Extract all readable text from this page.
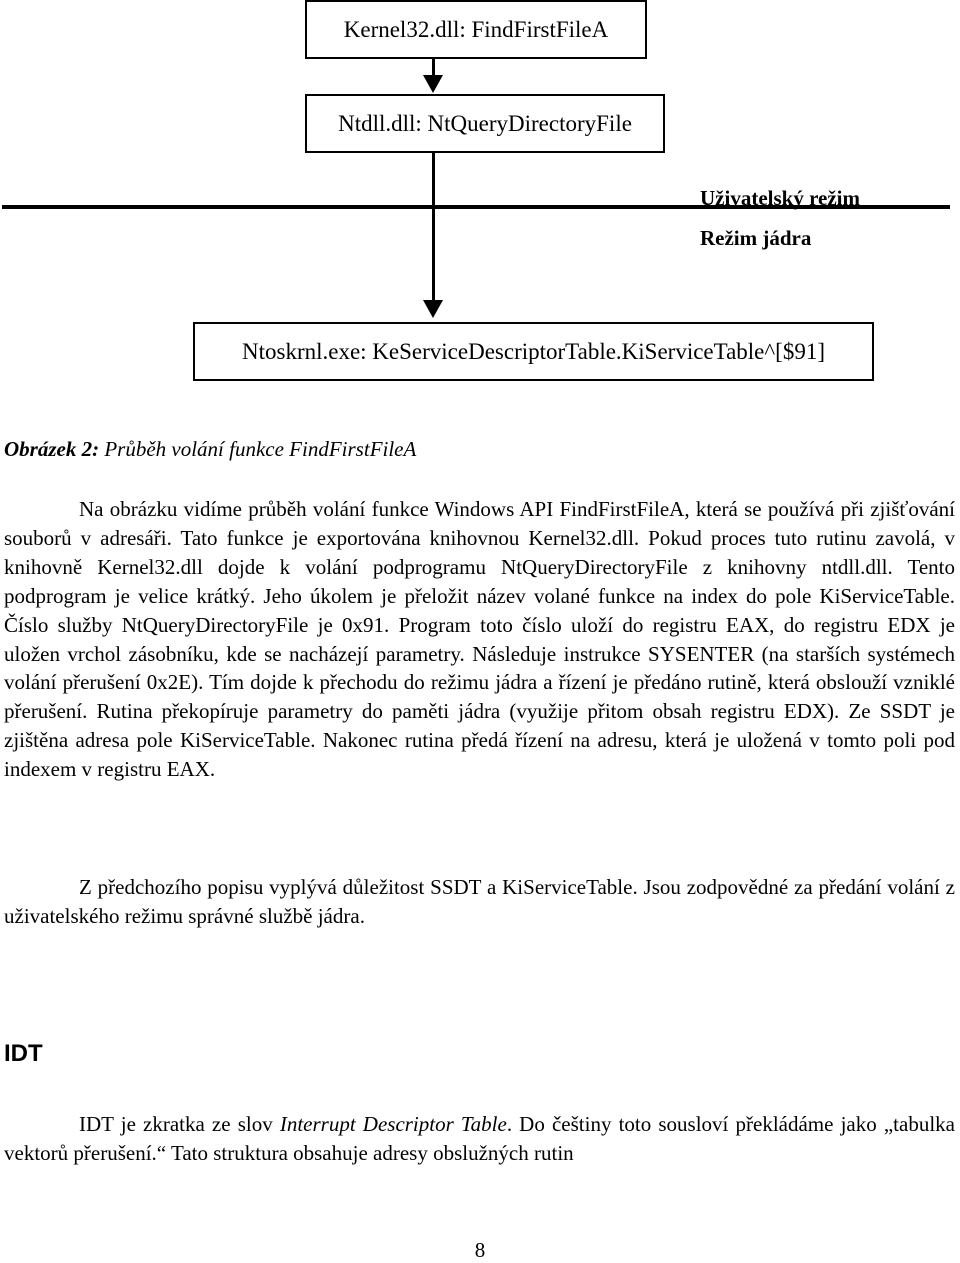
Kernel32.dll: FindFirstFileA
Ntdll.dll: NtQueryDirectoryFile
Uživatelský režim
Režim jádra
Ntoskrnl.exe: KeServiceDescriptorTable.KiServiceTable^[$91]
Obrázek 2: Průběh volání funkce FindFirstFileA

Na obrázku vidíme průběh volání funkce Windows API FindFirstFileA, která se používá při zjišťování souborů v adresáři. Tato funkce je exportována knihovnou Kernel32.dll. Pokud proces tuto rutinu zavolá, v knihovně Kernel32.dll dojde k volání podprogramu NtQueryDirectoryFile z knihovny ntdll.dll. Tento podprogram je velice krátký. Jeho úkolem je přeložit název volané funkce na index do pole KiServiceTable. Číslo služby NtQueryDirectoryFile je 0x91. Program toto číslo uloží do registru EAX, do registru EDX je uložen vrchol zásobníku, kde se nacházejí parametry. Následuje instrukce SYSENTER (na starších systémech volání přerušení 0x2E). Tím dojde k přechodu do režimu jádra a řízení je předáno rutině, která obslouží vzniklé přerušení. Rutina překopíruje parametry do paměti jádra (využije přitom obsah registru EDX). Ze SSDT je zjištěna adresa pole KiServiceTable. Nakonec rutina předá řízení na adresu, která je uložená v tomto poli pod indexem v registru EAX.

Z předchozího popisu vyplývá důležitost SSDT a KiServiceTable. Jsou zodpovědné za předání volání z uživatelského režimu správné službě jádra.

IDT

IDT je zkratka ze slov Interrupt Descriptor Table. Do češtiny toto sousloví překládáme jako „tabulka vektorů přerušení.“ Tato struktura obsahuje adresy obslužných rutin

8
